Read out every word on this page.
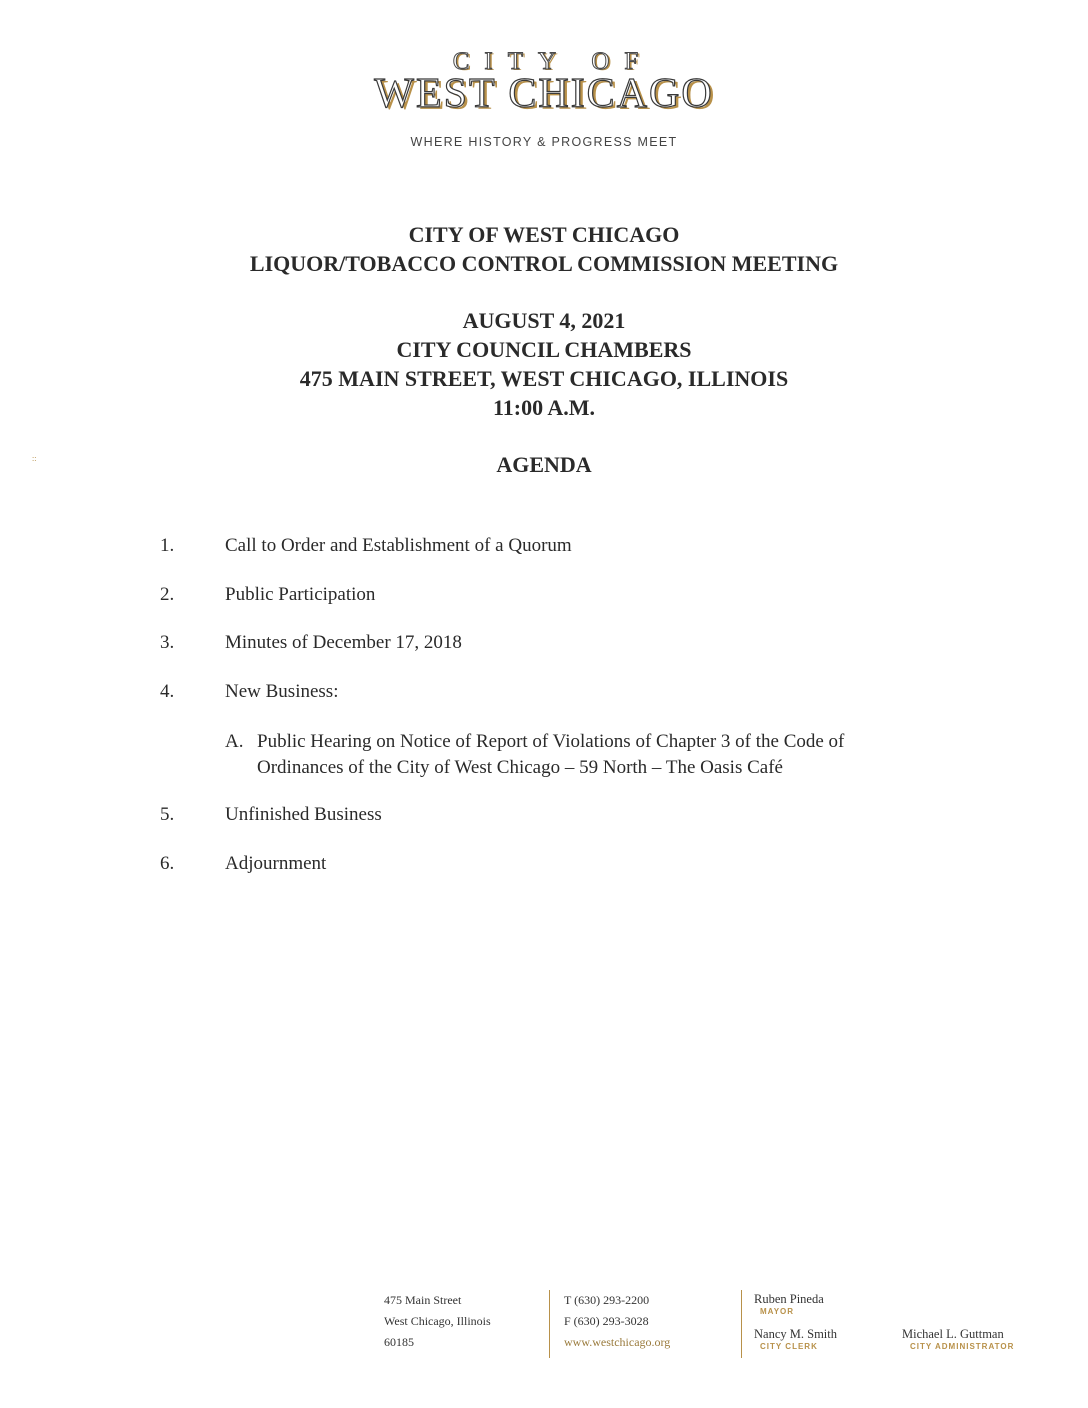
CITY OF
WEST CHICAGO
WHERE HISTORY & PROGRESS MEET
CITY OF WEST CHICAGO
LIQUOR/TOBACCO CONTROL COMMISSION MEETING
AUGUST 4, 2021
CITY COUNCIL CHAMBERS
475 MAIN STREET, WEST CHICAGO, ILLINOIS
11:00 A.M.
::	AGENDA
1.	Call to Order and Establishment of a Quorum
2.	Public Participation
3.	Minutes of December 17, 2018
4.	New Business:
A. Public Hearing on Notice of Report of Violations of Chapter 3 of the Code of
Ordinances of the City of West Chicago – 59 North – The Oasis Café
5.	Unfinished Business
6.	Adjournment
475 Main Street
West Chicago, Illinois
60185
T (630) 293-2200
F (630) 293-3028
www.westchicago.org
Ruben Pineda
MAYOR
Nancy M. Smith
CITY CLERK
Michael L. Guttman
CITY ADMINISTRATOR
